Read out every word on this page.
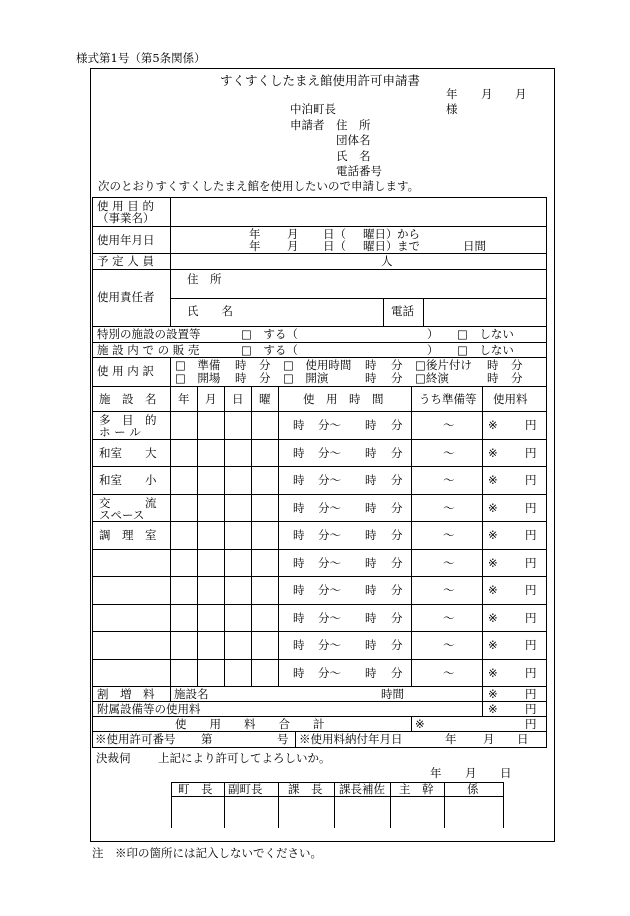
様式第1号（第5条関係）
すくすくしたまえ館使用許可申請書
年 月 月
中泊町長	様
申請者 住　所
団体名
氏　名
電話番号
次のとおりすくすくしたまえ館を使用したいので申請します。
使 用 目 的
（事業名）
使用年月日	年 月 日（ 曜日） から
年 月 日（ 曜日） まで	日間
予 定 人 員	人
使用責任者
住　所
氏　　名	電話
特別の施設の設置等	□　する（	） □　しない
施 設 内 で の 販 売	□　する（	） □　しない
使 用 内 訳 □　準備 時 分 □　使用時間 時 分 □後片付け 時 分
□　開場 時 分 □　開演	時 分 □終演	時 分
施　設　名 年 月 日 曜	使　用　時　間	うち準備等 使用料
多　目　的
ホ ー ル	時 分～ 時 分	～	※ 円
和室　　大	時 分～ 時 分	～	※ 円
和室　　小	時 分～ 時 分	～	※ 円
交　　　流
スペース	時 分～ 時 分	～	※ 円
調　理　室	時 分～ 時 分	～	※ 円
時 分～ 時 分	～	※ 円
時 分～ 時 分	～	※ 円
時 分～ 時 分	～	※ 円
時 分～ 時 分	～	※ 円
時 分～ 時 分	～	※ 円
割　増　料 施設名	時間	※ 円
附属設備等の使用料	※ 円
使　　用　　料　　合　　計	※	円
※使用許可番号 第	号 ※使用料納付年月日	年 月 日
決裁伺 上記により許可してよろしいか。
年 月 日
町　長 副町長 課　長 課長補佐 主　幹	係
注　※印の箇所には記入しないでください。
